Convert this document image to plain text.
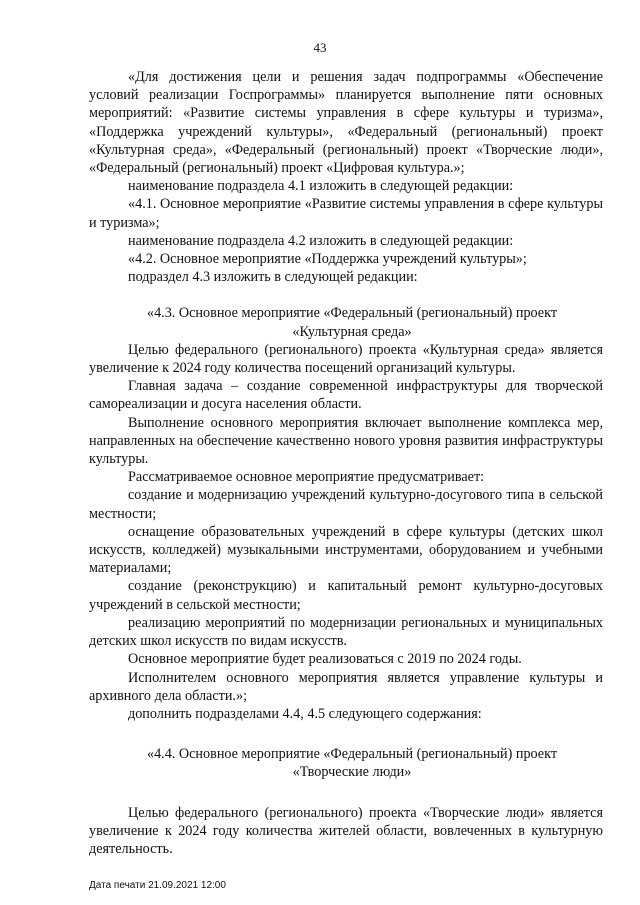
43

«Для достижения цели и решения задач подпрограммы «Обеспечение условий реализации Госпрограммы» планируется выполнение пяти основных мероприятий: «Развитие системы управления в сфере культуры и туризма», «Поддержка учреждений культуры», «Федеральный (региональный) проект «Культурная среда», «Федеральный (региональный) проект «Творческие люди», «Федеральный (региональный) проект «Цифровая культура.»;

наименование подраздела 4.1 изложить в следующей редакции:

«4.1. Основное мероприятие «Развитие системы управления в сфере культуры и туризма»;

наименование подраздела 4.2 изложить в следующей редакции:

«4.2. Основное мероприятие «Поддержка учреждений культуры»;

подраздел 4.3 изложить в следующей редакции:

«4.3. Основное мероприятие «Федеральный (региональный) проект

«Культурная среда»

Целью федерального (регионального) проекта «Культурная среда» является увеличение к 2024 году количества посещений организаций культуры.

Главная задача – создание современной инфраструктуры для творческой самореализации и досуга населения области.

Выполнение основного мероприятия включает выполнение комплекса мер, направленных на обеспечение качественно нового уровня развития инфраструктуры культуры.

Рассматриваемое основное мероприятие предусматривает:

создание и модернизацию учреждений культурно-досугового типа в сельской местности;

оснащение образовательных учреждений в сфере культуры (детских школ искусств, колледжей) музыкальными инструментами, оборудованием и учебными материалами;

создание (реконструкцию) и капитальный ремонт культурно-досуговых учреждений в сельской местности;

реализацию мероприятий по модернизации региональных и муниципальных детских школ искусств по видам искусств.

Основное мероприятие будет реализоваться с 2019 по 2024 годы.

Исполнителем основного мероприятия является управление культуры и архивного дела области.»;

дополнить подразделами 4.4, 4.5 следующего содержания:

«4.4. Основное мероприятие «Федеральный (региональный) проект

«Творческие люди»

Целью федерального (регионального) проекта «Творческие люди» является увеличение к 2024 году количества жителей области, вовлеченных в культурную деятельность.

Дата печати 21.09.2021 12:00
